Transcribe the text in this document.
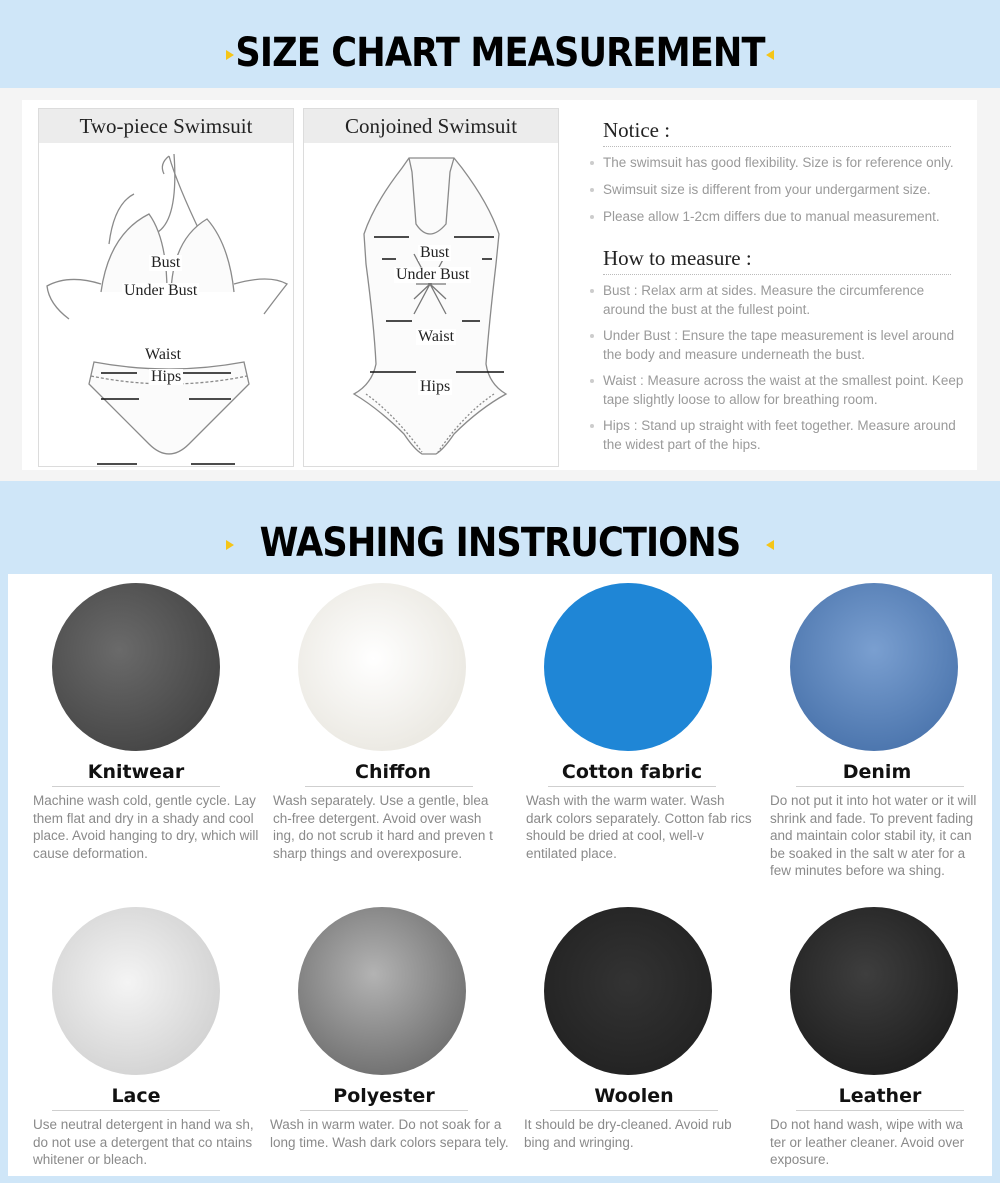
SIZE CHART MEASUREMENT
Two-piece Swimsuit
Bust
Under Bust
Waist
Hips
Conjoined Swimsuit
Bust
Under Bust
Waist
Hips
Notice :
The swimsuit has good flexibility. Size is for reference only.
Swimsuit size is different from your undergarment size.
Please allow 1-2cm differs due to manual measurement.
How to measure :
Bust : Relax arm at sides. Measure the circumference around the bust at the fullest point.
Under Bust : Ensure the tape measurement is level around the body and measure underneath the bust.
Waist : Measure across the waist at the smallest point. Keep tape slightly loose to allow for breathing room.
Hips : Stand up straight with feet together. Measure around the widest part of the hips.
WASHING INSTRUCTIONS
Knitwear
Machine wash cold, gentle cycle. Lay them flat and dry in a shady and cool place. Avoid hanging to dry, which will cause deformation.
Chiffon
Wash separately. Use a gentle, blea ch-free detergent. Avoid over wash ing, do not scrub it hard and preven t sharp things and overexposure.
Cotton fabric
Wash with the warm water. Wash dark colors separately. Cotton fab rics should be dried at cool, well-v entilated place.
Denim
Do not put it into hot water or it will shrink and fade. To prevent fading and maintain color stabil ity, it can be soaked in the salt w ater for a few minutes before wa shing.
Lace
Use neutral detergent in hand wa sh, do not use a detergent that co ntains whitener or bleach.
Polyester
Wash in warm water. Do not soak for a long time. Wash dark colors separa tely.
Woolen
It should be dry-cleaned. Avoid rub bing and wringing.
Leather
Do not hand wash, wipe with wa ter or leather cleaner. Avoid over exposure.
